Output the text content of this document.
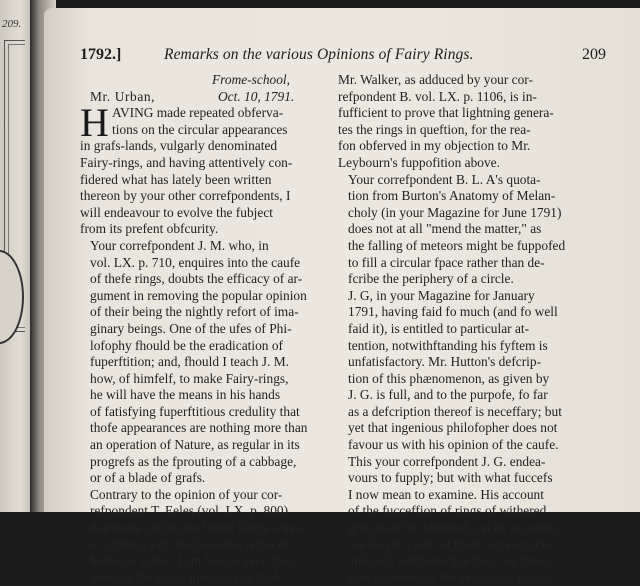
209.
1792.]	Remarks on the various Opinions of Fairy Rings.	209
Mr. Urban,
Frome-school,
Oct. 10, 1791.
H AVING made repeated obferva-
tions on the circular appearances
in grafs-lands, vulgarly denominated
Fairy-rings, and having attentively con-
fidered what has lately been written
thereon by your other correfpondents, I
will endeavour to evolve the fubject
from its prefent obfcurity.
Your correfpondent J. M. who, in
vol. LX. p. 710, enquires into the caufe
of thefe rings, doubts the efficacy of ar-
gument in removing the popular opinion
of their being the nightly refort of ima-
ginary beings. One of the ufes of Phi-
lofophy fhould be the eradication of
fuperftition; and, fhould I teach J. M.
how, of himfelf, to make Fairy-rings,
he will have the means in his hands
of fatisfying fuperftitious credulity that
thofe appearances are nothing more than
an operation of Nature, as regular in its
progrefs as the fprouting of a cabbage,
or of a blade of grafs.
Contrary to the opinion of your cor-
refpondent T. Eeles (vol. LX. p. 800),
that thofe circles are found where a tree
or rubbing-poft has been the refort of
horfes or cattle, I am free to aver, that,
amoung the many hundreds of thofe
Mr. Walker, as adduced by your cor-
refpondent B. vol. LX. p. 1106, is in-
fufficient to prove that lightning genera-
tes the rings in queftion, for the rea-
fon obferved in my objection to Mr.
Leybourn's fuppofition above.
Your correfpondent B. L. A's quota-
tion from Burton's Anatomy of Melan-
choly (in your Magazine for June 1791)
does not at all "mend the matter," as
the falling of meteors might be fuppofed
to fill a circular fpace rather than de-
fcribe the periphery of a circle.
J. G, in your Magazine for January
1791, having faid fo much (and fo well
faid it), is entitled to particular at-
tention, notwithftanding his fyftem is
unfatisfactory. Mr. Hutton's defcrip-
tion of this phænomenon, as given by
J. G. is full, and to the purpofe, fo far
as a defcription thereof is neceffary; but
yet that ingenious philofopher does not
favour us with his opinion of the caufe.
This your correfpondent J. G. endea-
vours to fupply; but with what fuccefs
I now mean to examine. His account
of the fucceffion of rings of withered
grafs may be admitted; yet he accounts
not for the caufe of thefe barren tracks,
and only intimates that they are fome-
how deprived of the vegetative princi-
